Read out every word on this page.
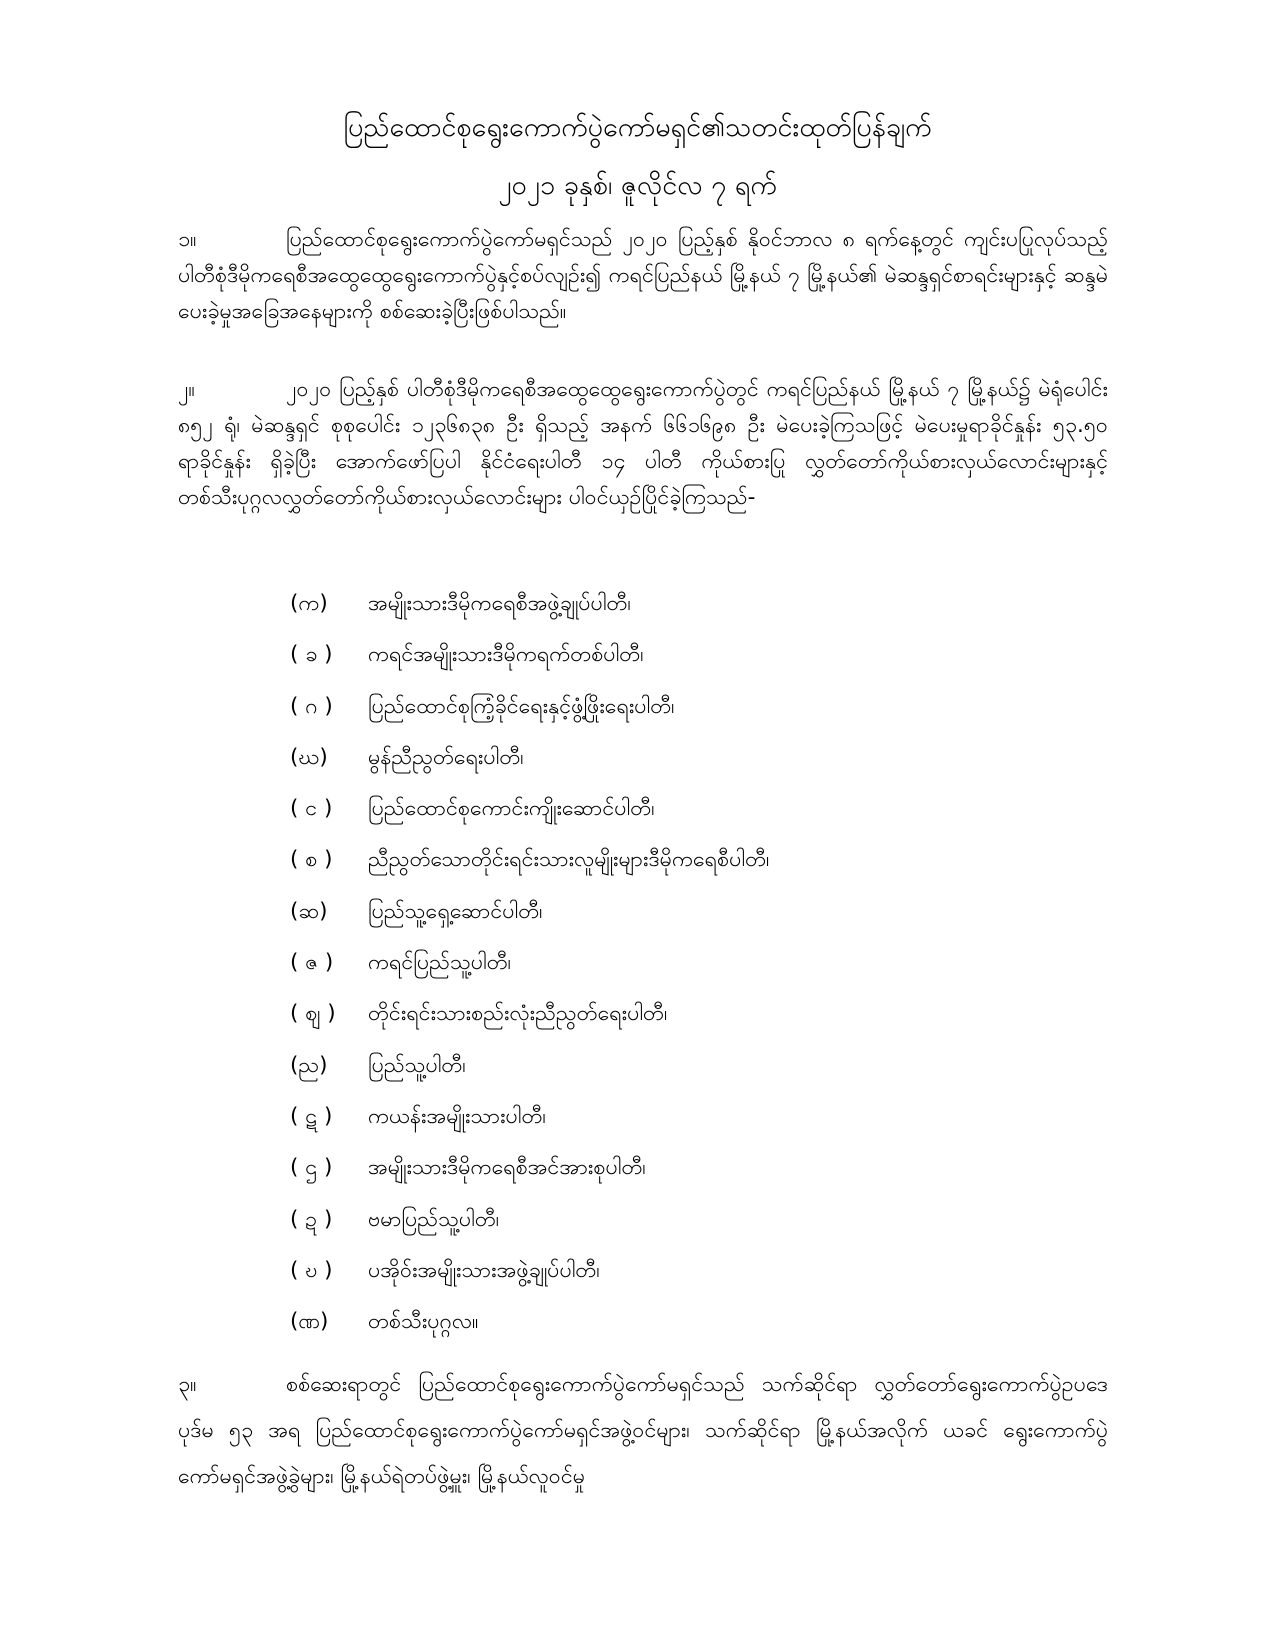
ပြည်ထောင်စုရွေးကောက်ပွဲကော်မရှင်၏သတင်းထုတ်ပြန်ချက်
၂၀၂၁ ခုနှစ်၊ ဇူလိုင်လ ၇ ရက်
၁။	ပြည်ထောင်စုရွေးကောက်ပွဲကော်မရှင်သည် ၂၀၂၀ ပြည့်နှစ် နိုဝင်ဘာလ ၈ ရက်နေ့တွင် ကျင်းပပြုလုပ်သည့် ပါတီစုံဒီမိုကရေစီအထွေထွေရွေးကောက်ပွဲနှင့်စပ်လျဉ်း၍ ကရင်ပြည်နယ် မြို့နယ် ၇ မြို့နယ်၏ မဲဆန္ဒရှင်စာရင်းများနှင့် ဆန္ဒမဲပေးခဲ့မှုအခြေအနေများကို စစ်ဆေးခဲ့ပြီးဖြစ်ပါသည်။
၂။	၂၀၂၀ ပြည့်နှစ် ပါတီစုံဒီမိုကရေစီအထွေထွေရွေးကောက်ပွဲတွင် ကရင်ပြည်နယ် မြို့နယ် ၇ မြို့နယ်၌ မဲရုံပေါင်း ၈၅၂ ရုံ၊ မဲဆန္ဒရှင် စုစုပေါင်း ၁၂၃၆၈၃၈ ဦး ရှိသည့် အနက် ၆၆၁၆၉၈ ဦး မဲပေးခဲ့ကြသဖြင့် မဲပေးမှုရာခိုင်နှုန်း ၅၃.၅၀ ရာခိုင်နှုန်း ရှိခဲ့ပြီး အောက်ဖော်ပြပါ နိုင်ငံရေးပါတီ ၁၄ ပါတီ ကိုယ်စားပြု လွှတ်တော်ကိုယ်စားလှယ်လောင်းများနှင့် တစ်သီးပုဂ္ဂလလွှတ်တော်ကိုယ်စားလှယ်လောင်းများ ပါဝင်ယှဉ်ပြိုင်ခဲ့ကြသည်-
(က) အမျိုးသားဒီမိုကရေစီအဖွဲ့ချုပ်ပါတီ၊
( ခ ) ကရင်အမျိုးသားဒီမိုကရက်တစ်ပါတီ၊
( ဂ ) ပြည်ထောင်စုကြံ့ခိုင်ရေးနှင့်ဖွံ့ဖြိုးရေးပါတီ၊
(ဃ) မွန်ညီညွတ်ရေးပါတီ၊
( င ) ပြည်ထောင်စုကောင်းကျိုးဆောင်ပါတီ၊
( စ ) ညီညွတ်သောတိုင်းရင်းသားလူမျိုးများဒီမိုကရေစီပါတီ၊
(ဆ) ပြည်သူ့ရှေ့ဆောင်ပါတီ၊
( ဇ ) ကရင်ပြည်သူ့ပါတီ၊
( ဈ ) တိုင်းရင်းသားစည်းလုံးညီညွတ်ရေးပါတီ၊
(ည) ပြည်သူ့ပါတီ၊
( ဋ ) ကယန်းအမျိုးသားပါတီ၊
( ဌ ) အမျိုးသားဒီမိုကရေစီအင်အားစုပါတီ၊
( ဍ ) ဗမာပြည်သူ့ပါတီ၊
( ဎ ) ပအိုဝ်းအမျိုးသားအဖွဲ့ချုပ်ပါတီ၊
(ဏ) တစ်သီးပုဂ္ဂလ။
၃။	စစ်ဆေးရာတွင် ပြည်ထောင်စုရွေးကောက်ပွဲကော်မရှင်သည် သက်ဆိုင်ရာ လွှတ်တော်ရွေးကောက်ပွဲဥပဒေ ပုဒ်မ ၅၃ အရ ပြည်ထောင်စုရွေးကောက်ပွဲကော်မရှင်အဖွဲ့ဝင်များ၊ သက်ဆိုင်ရာ မြို့နယ်အလိုက် ယခင် ရွေးကောက်ပွဲကော်မရှင်အဖွဲ့ခွဲများ၊ မြို့နယ်ရဲတပ်ဖွဲ့မှူး၊ မြို့နယ်လူဝင်မှု
